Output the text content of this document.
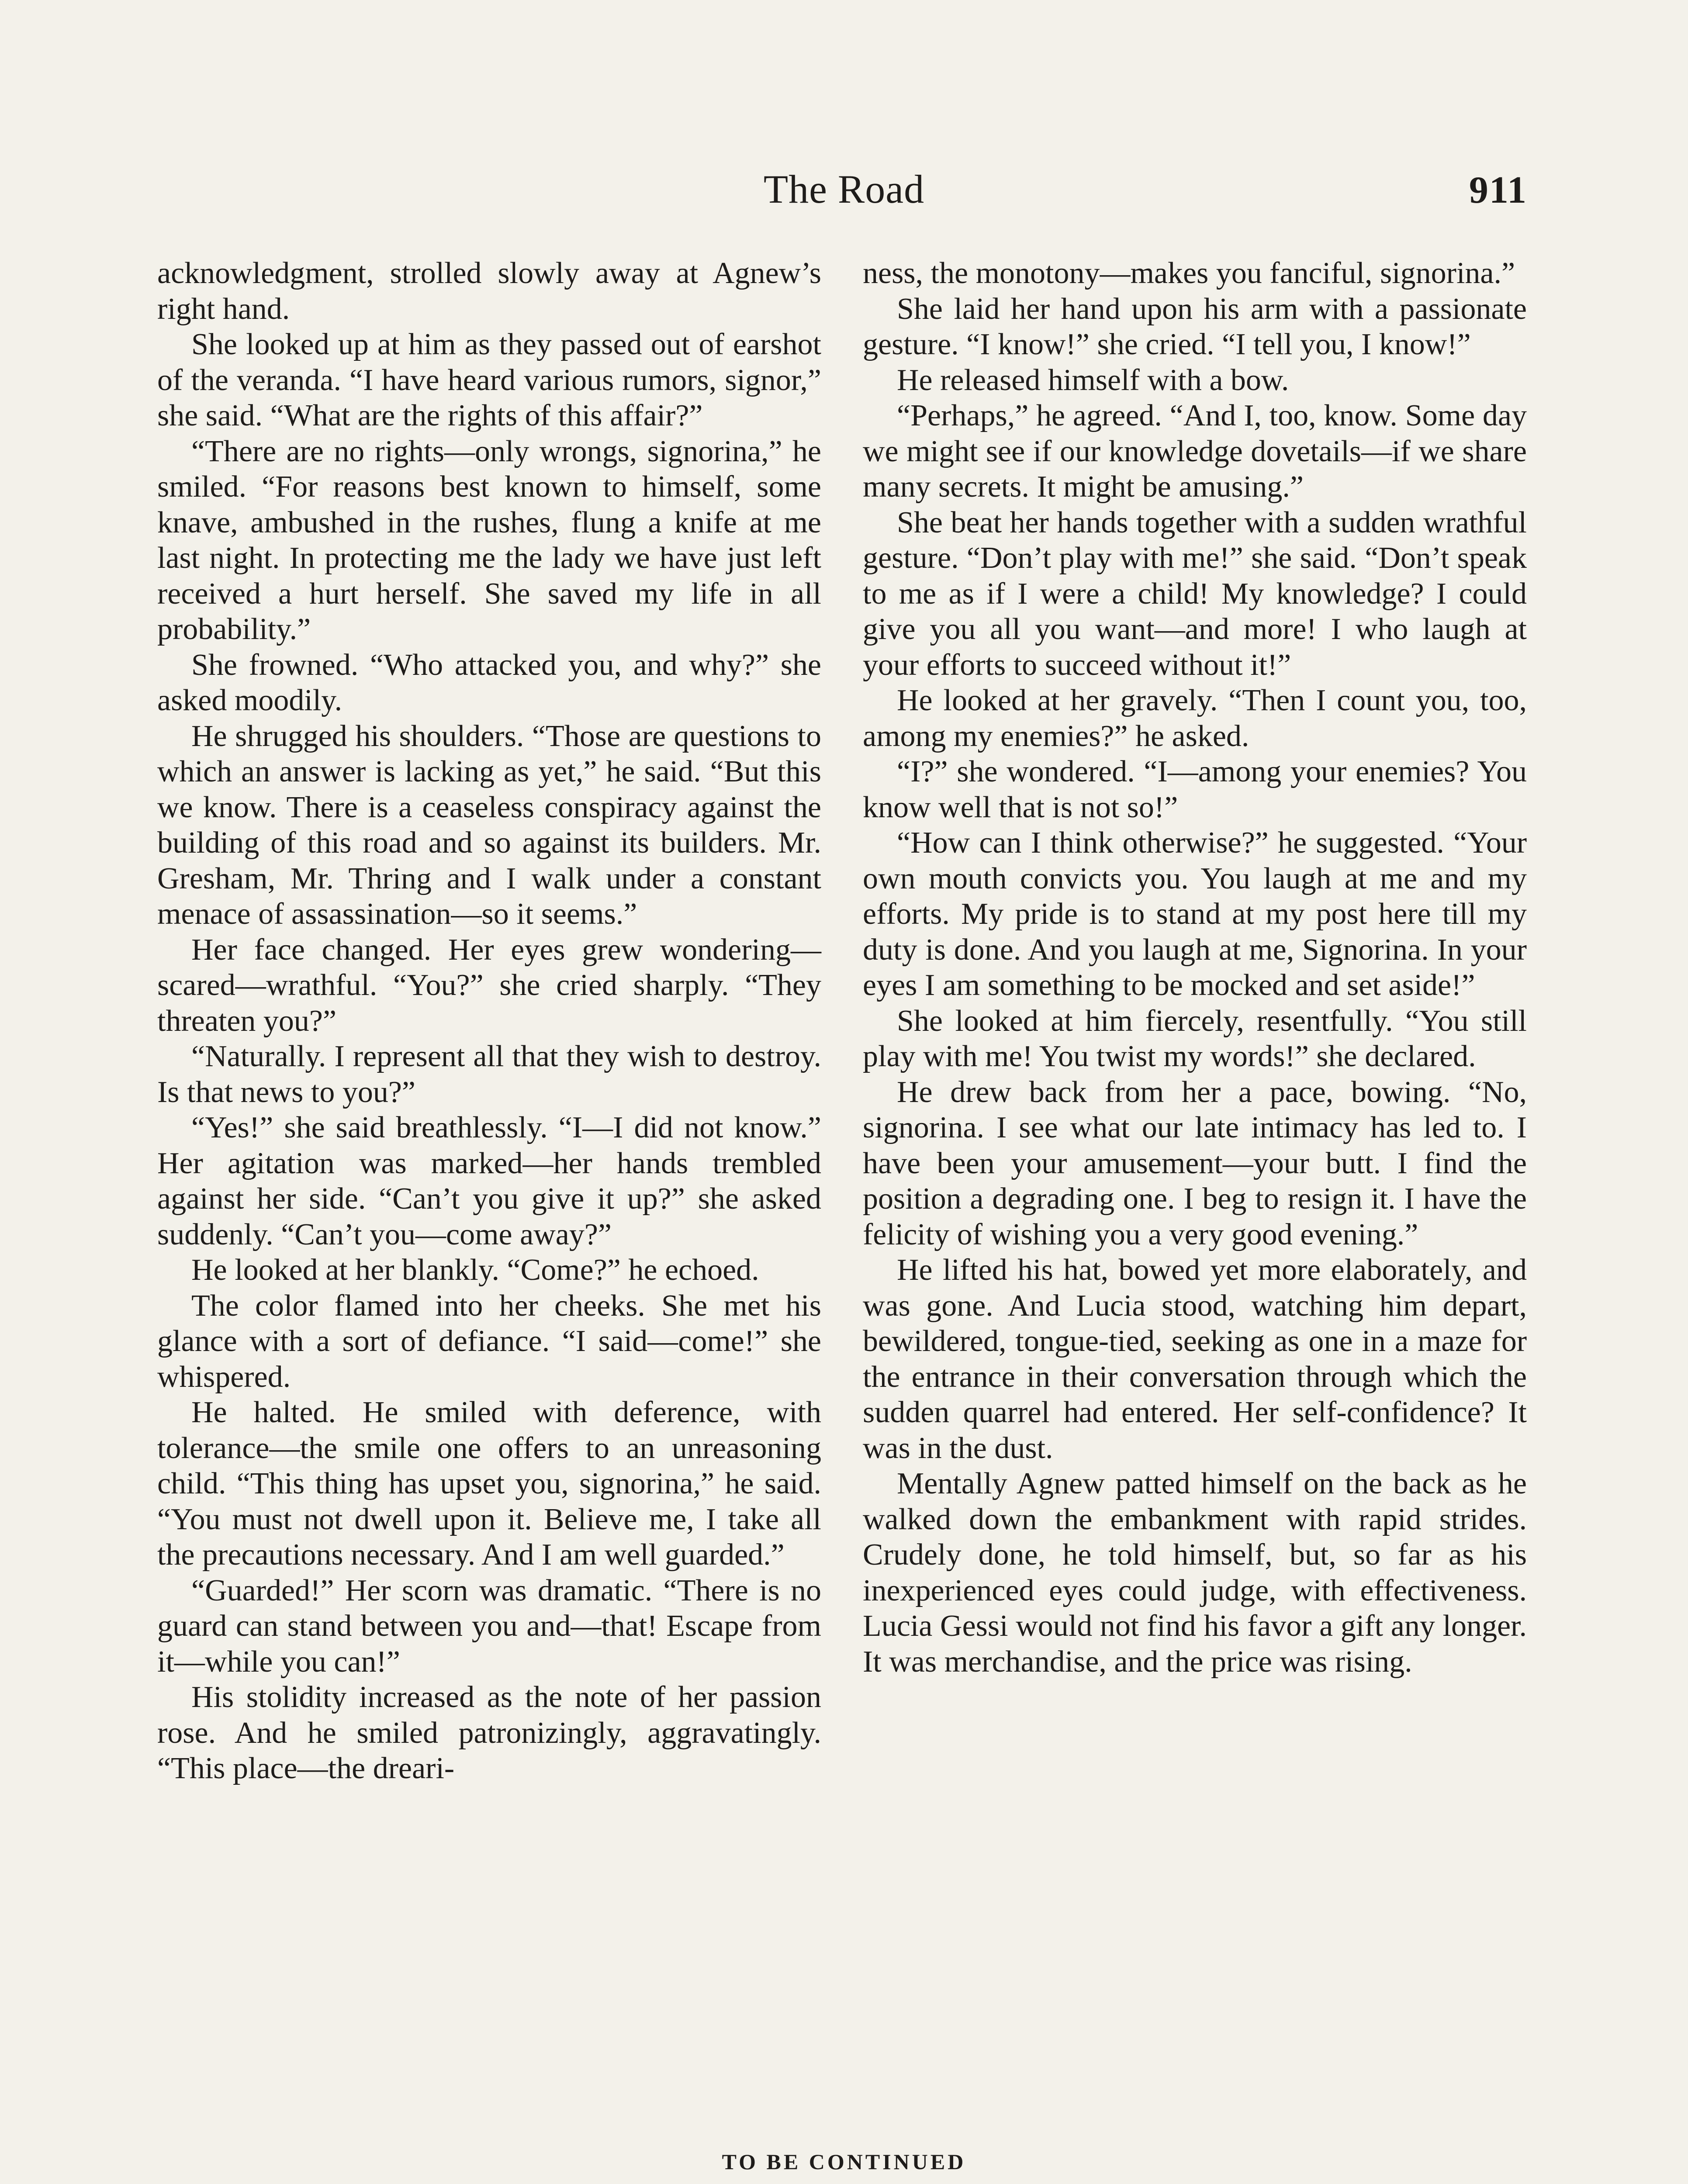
The Road	911

acknowledgment, strolled slowly away at Agnew’s right hand.

She looked up at him as they passed out of earshot of the veranda. “I have heard various rumors, signor,” she said. “What are the rights of this affair?”

“There are no rights—only wrongs, signorina,” he smiled. “For reasons best known to himself, some knave, ambushed in the rushes, flung a knife at me last night. In protecting me the lady we have just left received a hurt herself. She saved my life in all probability.”

She frowned. “Who attacked you, and why?” she asked moodily.

He shrugged his shoulders. “Those are questions to which an answer is lacking as yet,” he said. “But this we know. There is a ceaseless conspiracy against the building of this road and so against its builders. Mr. Gresham, Mr. Thring and I walk under a constant menace of assassination—so it seems.”

Her face changed. Her eyes grew wondering—scared—wrathful. “You?” she cried sharply. “They threaten you?”

“Naturally. I represent all that they wish to destroy. Is that news to you?”

“Yes!” she said breathlessly. “I—I did not know.” Her agitation was marked—her hands trembled against her side. “Can’t you give it up?” she asked suddenly. “Can’t you—come away?”

He looked at her blankly. “Come?” he echoed.

The color flamed into her cheeks. She met his glance with a sort of defiance. “I said—come!” she whispered.

He halted. He smiled with deference, with tolerance—the smile one offers to an unreasoning child. “This thing has upset you, signorina,” he said. “You must not dwell upon it. Believe me, I take all the precautions necessary. And I am well guarded.”

“Guarded!” Her scorn was dramatic. “There is no guard can stand between you and—that! Escape from it—while you can!”

His stolidity increased as the note of her passion rose. And he smiled patronizingly, aggravatingly. “This place—the dreari-

ness, the monotony—makes you fanciful, signorina.”

She laid her hand upon his arm with a passionate gesture. “I know!” she cried. “I tell you, I know!”

He released himself with a bow.

“Perhaps,” he agreed. “And I, too, know. Some day we might see if our knowledge dovetails—if we share many secrets. It might be amusing.”

She beat her hands together with a sudden wrathful gesture. “Don’t play with me!” she said. “Don’t speak to me as if I were a child! My knowledge? I could give you all you want—and more! I who laugh at your efforts to succeed without it!”

He looked at her gravely. “Then I count you, too, among my enemies?” he asked.

“I?” she wondered. “I—among your enemies? You know well that is not so!”

“How can I think otherwise?” he suggested. “Your own mouth convicts you. You laugh at me and my efforts. My pride is to stand at my post here till my duty is done. And you laugh at me, Signorina. In your eyes I am something to be mocked and set aside!”

She looked at him fiercely, resentfully. “You still play with me! You twist my words!” she declared.

He drew back from her a pace, bowing. “No, signorina. I see what our late intimacy has led to. I have been your amusement—your butt. I find the position a degrading one. I beg to resign it. I have the felicity of wishing you a very good evening.”

He lifted his hat, bowed yet more elaborately, and was gone. And Lucia stood, watching him depart, bewildered, tongue-tied, seeking as one in a maze for the entrance in their conversation through which the sudden quarrel had entered. Her self-confidence? It was in the dust.

Mentally Agnew patted himself on the back as he walked down the embankment with rapid strides. Crudely done, he told himself, but, so far as his inexperienced eyes could judge, with effectiveness. Lucia Gessi would not find his favor a gift any longer. It was merchandise, and the price was rising.

TO BE CONTINUED
